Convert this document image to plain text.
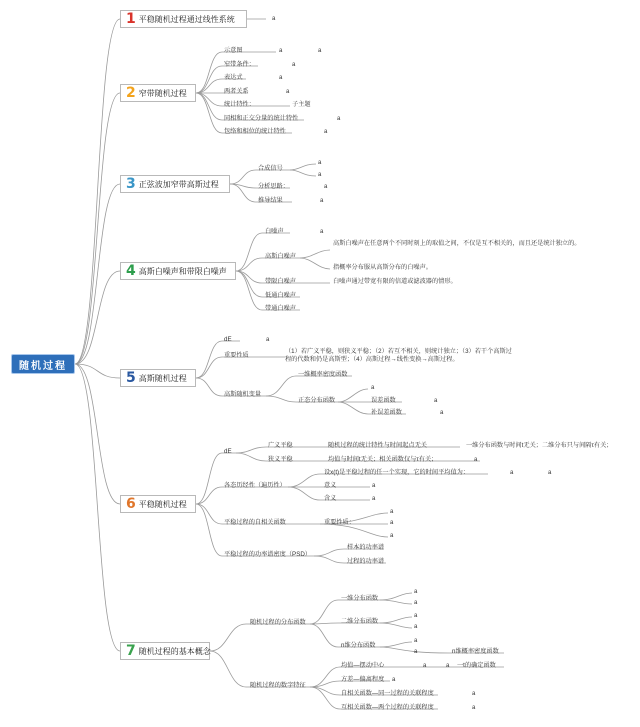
随机过程
1 平稳随机过程通过线性系统
2 窄带随机过程
3 正弦波加窄带高斯过程
4 高斯白噪声和带限白噪声
5 高斯随机过程
6 平稳随机过程
7 随机过程的基本概念
a
示意图
窄带条件：
表达式
两者关系
统计特性：
同相和正交分量的统计特性
包络和相位的统计特性
子主题
a	a
a
a
a
a
a
合成信号
分析思路：
推导结果
a
a
a
a
白噪声
高斯白噪声
带限白噪声
低通白噪声
带通白噪声
a
高斯白噪声在任意两个不同时刻上的取值之间，不仅是互不相关的，而且还是统计独立的。
指概率分布服从高斯分布的白噪声。
白噪声通过带宽有限的信道或滤波器的情形。
dE
重要性质
高斯随机变量
a
（1）若广义平稳，则狭义平稳；（2）若互不相关，则统计独立；（3）若干个高斯过程的代数和仍是高斯型；（4）高斯过程→线性变换→高斯过程。
一维概率密度函数
正态分布函数
a
误差函数
补误差函数
a
a
dE
广义平稳
狭义平稳
随机过程的统计特性与时间起点无关	一维分布函数与时间t无关；二维分布只与间隔τ有关；
均值与时间t无关；相关函数仅与τ有关；	a
各态历经性（遍历性）
设x(t)是平稳过程的任一个实现，它的时间平均值为：
意义
含义
a	a
a
a
平稳过程的自相关函数	重要性质：
a
a
a
平稳过程的功率谱密度（PSD）
样本的功率谱
过程的功率谱
随机过程的分布函数
随机过程的数字特征
一维分布函数
二维分布函数
n维分布函数
a
a
a
a
a
a	n维概率密度函数
均值—摆动中心
方差—偏离程度
自相关函数—同一过程的关联程度
互相关函数—两个过程的关联程度
a	a 一t的确定函数
a
a
a
